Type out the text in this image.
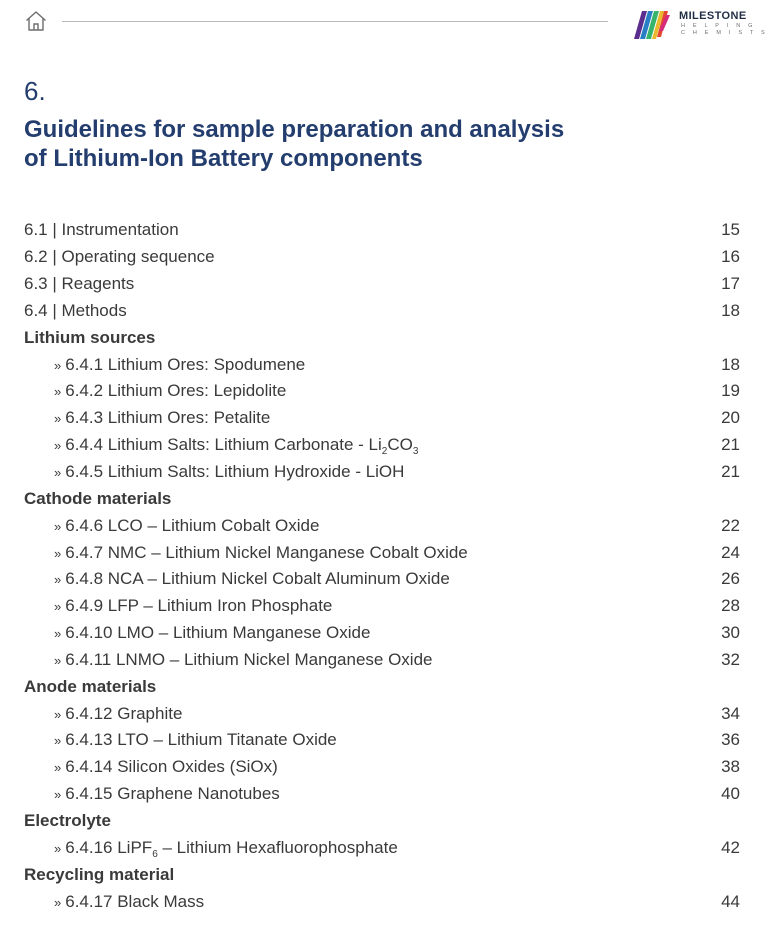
MILESTONE
H E L P I N G
C H E M I S T S
6.
Guidelines for sample preparation and analysis
of Lithium-Ion Battery components
6.1 | Instrumentation	15
6.2 | Operating sequence	16
6.3 | Reagents	17
6.4 | Methods	18
Lithium sources
» 6.4.1 Lithium Ores: Spodumene	18
» 6.4.2 Lithium Ores: Lepidolite	19
» 6.4.3 Lithium Ores: Petalite	20
» 6.4.4 Lithium Salts: Lithium Carbonate - $Li_2CO_3$	21
» 6.4.5 Lithium Salts: Lithium Hydroxide - LiOH	21
Cathode materials
» 6.4.6 LCO – Lithium Cobalt Oxide	22
» 6.4.7 NMC – Lithium Nickel Manganese Cobalt Oxide	24
» 6.4.8 NCA – Lithium Nickel Cobalt Aluminum Oxide	26
» 6.4.9 LFP – Lithium Iron Phosphate	28
» 6.4.10 LMO – Lithium Manganese Oxide	30
» 6.4.11 LNMO – Lithium Nickel Manganese Oxide	32
Anode materials
» 6.4.12 Graphite	34
» 6.4.13 LTO – Lithium Titanate Oxide	36
» 6.4.14 Silicon Oxides (SiOx)	38
» 6.4.15 Graphene Nanotubes	40
Electrolyte
» 6.4.16 LiPF$_6$ – Lithium Hexafluorophosphate	42
Recycling material
» 6.4.17 Black Mass	44
